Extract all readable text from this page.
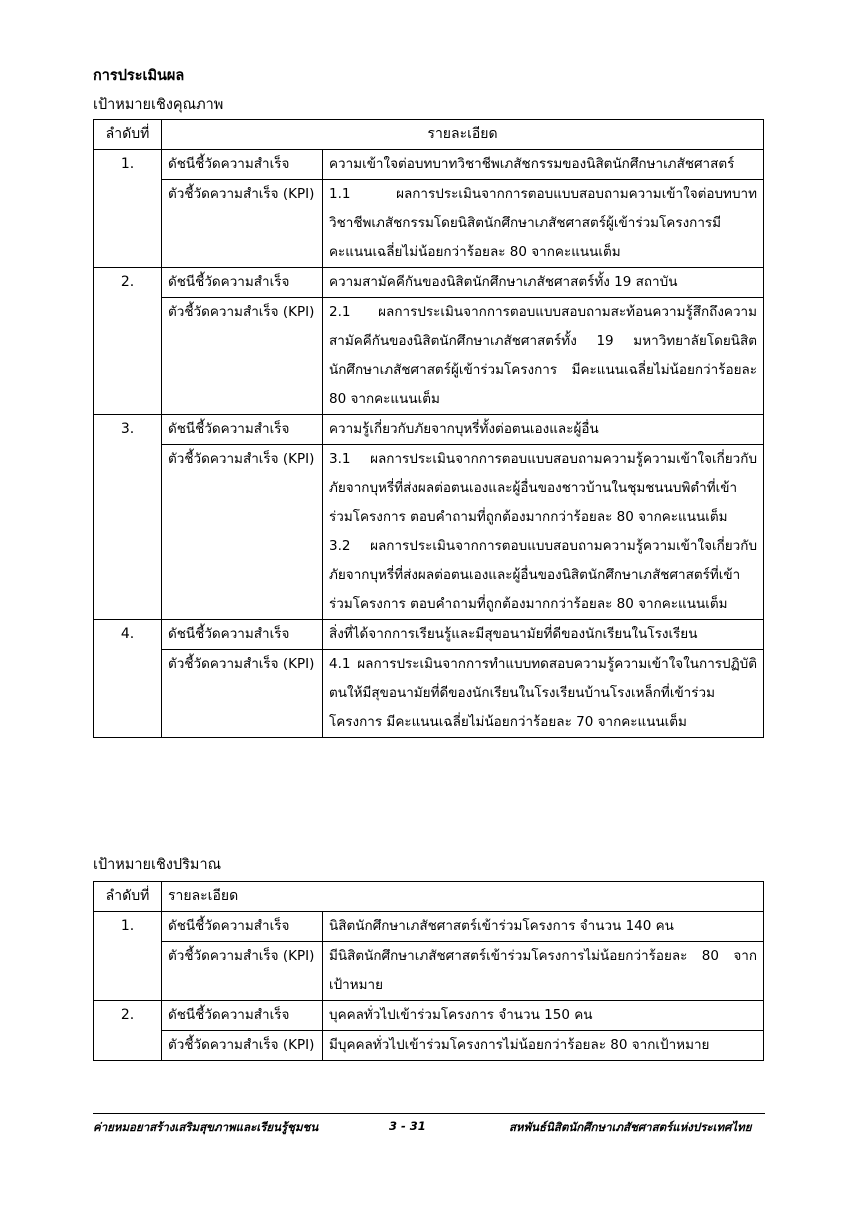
การประเมินผล
เป้าหมายเชิงคุณภาพ
ลำดับที่	รายละเอียด	
1.	ดัชนีชี้วัดความสำเร็จ	ความเข้าใจต่อบทบาทวิชาชีพเภสัชกรรมของนิสิตนักศึกษาเภสัชศาสตร์
	ตัวชี้วัดความสำเร็จ (KPI)	1.1 ผลการประเมินจากการตอบแบบสอบถามความเข้าใจต่อบทบาทวิชาชีพเภสัชกรรมโดยนิสิตนักศึกษาเภสัชศาสตร์ผู้เข้าร่วมโครงการมีคะแนนเฉลี่ยไม่น้อยกว่าร้อยละ 80 จากคะแนนเต็ม

2.	ดัชนีชี้วัดความสำเร็จ	ความสามัคคีกันของนิสิตนักศึกษาเภสัชศาสตร์ทั้ง 19 สถาบัน
	ตัวชี้วัดความสำเร็จ (KPI)	2.1 ผลการประเมินจากการตอบแบบสอบถามสะท้อนความรู้สึกถึงความสามัคคีกันของนิสิตนักศึกษาเภสัชศาสตร์ทั้ง 19 มหาวิทยาลัยโดยนิสิตนักศึกษาเภสัชศาสตร์ผู้เข้าร่วมโครงการ มีคะแนนเฉลี่ยไม่น้อยกว่าร้อยละ 80 จากคะแนนเต็ม

3.	ดัชนีชี้วัดความสำเร็จ	ความรู้เกี่ยวกับภัยจากบุหรี่ทั้งต่อตนเองและผู้อื่น
	ตัวชี้วัดความสำเร็จ (KPI)	3.1 ผลการประเมินจากการตอบแบบสอบถามความรู้ความเข้าใจเกี่ยวกับภัยจากบุหรี่ที่ส่งผลต่อตนเองและผู้อื่นของชาวบ้านในชุมชนนบพิตำที่เข้าร่วมโครงการ ตอบคำถามที่ถูกต้องมากกว่าร้อยละ 80 จากคะแนนเต็ม

3.2 ผลการประเมินจากการตอบแบบสอบถามความรู้ความเข้าใจเกี่ยวกับภัยจากบุหรี่ที่ส่งผลต่อตนเองและผู้อื่นของนิสิตนักศึกษาเภสัชศาสตร์ที่เข้าร่วมโครงการ ตอบคำถามที่ถูกต้องมากกว่าร้อยละ 80 จากคะแนนเต็ม

4.	ดัชนีชี้วัดความสำเร็จ	สิ่งที่ได้จากการเรียนรู้และมีสุขอนามัยที่ดีของนักเรียนในโรงเรียน
	ตัวชี้วัดความสำเร็จ (KPI)	4.1 ผลการประเมินจากการทำแบบทดสอบความรู้ความเข้าใจในการปฏิบัติตนให้มีสุขอนามัยที่ดีของนักเรียนในโรงเรียนบ้านโรงเหล็กที่เข้าร่วมโครงการ มีคะแนนเฉลี่ยไม่น้อยกว่าร้อยละ 70 จากคะแนนเต็ม

เป้าหมายเชิงปริมาณ
ลำดับที่	รายละเอียด	
1.	ดัชนีชี้วัดความสำเร็จ	นิสิตนักศึกษาเภสัชศาสตร์เข้าร่วมโครงการ จำนวน 140 คน
	ตัวชี้วัดความสำเร็จ (KPI)	มีนิสิตนักศึกษาเภสัชศาสตร์เข้าร่วมโครงการไม่น้อยกว่าร้อยละ 80 จากเป้าหมาย

2.	ดัชนีชี้วัดความสำเร็จ	บุคคลทั่วไปเข้าร่วมโครงการ จำนวน 150 คน
	ตัวชี้วัดความสำเร็จ (KPI)	มีบุคคลทั่วไปเข้าร่วมโครงการไม่น้อยกว่าร้อยละ 80 จากเป้าหมาย

ค่ายหมอยาสร้างเสริมสุขภาพและเรียนรู้ชุมชน	3 - 31	สหพันธ์นิสิตนักศึกษาเภสัชศาสตร์แห่งประเทศไทย
